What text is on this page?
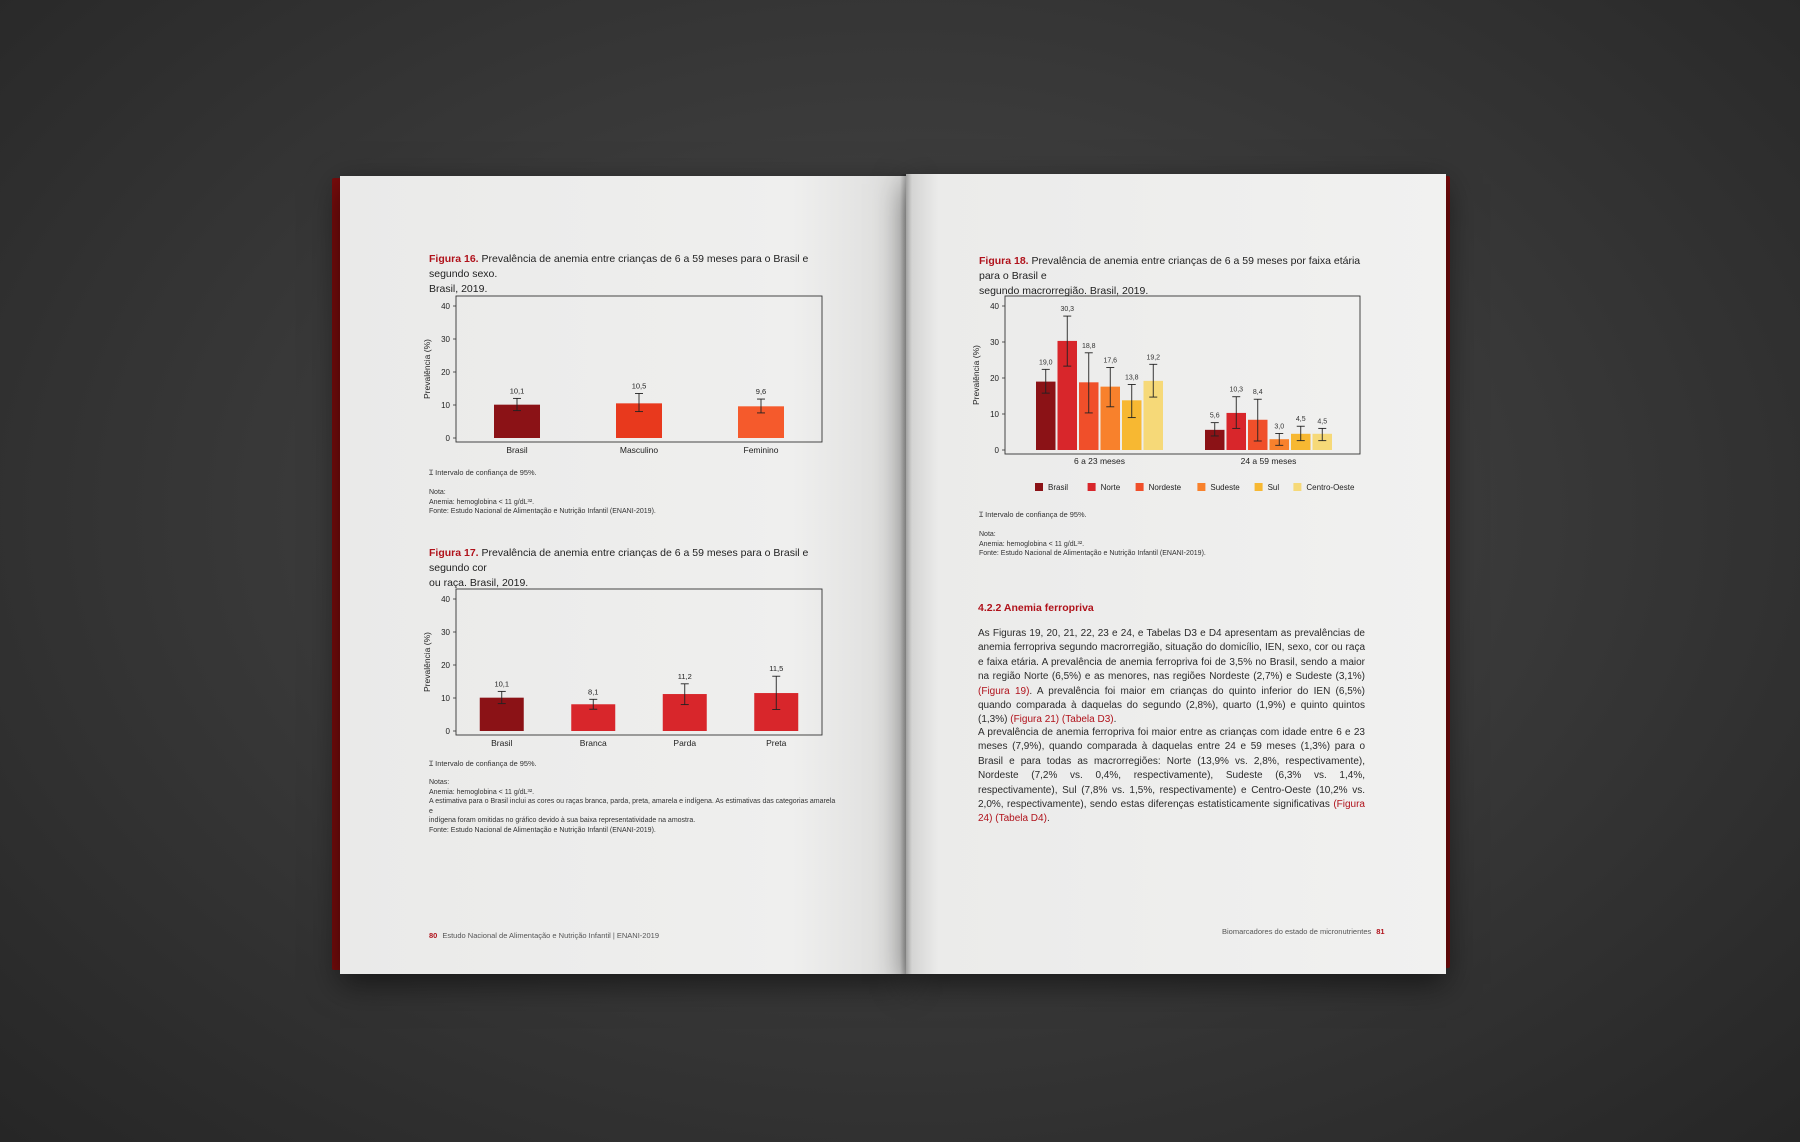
Figura 16. Prevalência de anemia entre crianças de 6 a 59 meses para o Brasil e segundo sexo.
Brasil, 2019.
0
10
20
30
40
Prevalência (%)	10,1
Brasil
10,5
Masculino
9,6
Feminino
Ɪ Intervalo de confiança de 95%.
Nota:
Anemia: hemoglobina < 11 g/dL³².
Fonte: Estudo Nacional de Alimentação e Nutrição Infantil (ENANI-2019).
Figura 17. Prevalência de anemia entre crianças de 6 a 59 meses para o Brasil e segundo cor
ou raça. Brasil, 2019.
0
10
20
30
40
Prevalência (%)	10,1
Brasil
8,1
Branca
11,2
Parda
11,5
Preta
Ɪ Intervalo de confiança de 95%.
Notas:
Anemia: hemoglobina < 11 g/dL³².
A estimativa para o Brasil inclui as cores ou raças branca, parda, preta, amarela e indígena. As estimativas das categorias amarela e
indígena foram omitidas no gráfico devido à sua baixa representatividade na amostra.
Fonte: Estudo Nacional de Alimentação e Nutrição Infantil (ENANI-2019).
80 Estudo Nacional de Alimentação e Nutrição Infantil | ENANI-2019
Figura 18. Prevalência de anemia entre crianças de 6 a 59 meses por faixa etária para o Brasil e
segundo macrorregião. Brasil, 2019.
0
10
20
30
40
Prevalência (%)	19,0
30,3
18,8
17,6
13,8
19,2
6 a 23 meses
5,6
10,3 8,4
3,0
4,5 4,5
24 a 59 meses
Brasil	Norte	Nordeste	Sudeste	Sul	Centro-Oeste
Ɪ Intervalo de confiança de 95%.
Nota:
Anemia: hemoglobina < 11 g/dL³².
Fonte: Estudo Nacional de Alimentação e Nutrição Infantil (ENANI-2019).
4.2.2 Anemia ferropriva
As Figuras 19, 20, 21, 22, 23 e 24, e Tabelas D3 e D4 apresentam as prevalências de anemia ferropriva segundo macrorregião, situação do domicílio, IEN, sexo, cor ou raça e faixa etária. A prevalência de anemia ferropriva foi de 3,5% no Brasil, sendo a maior na região Norte (6,5%) e as menores, nas regiões Nordeste (2,7%) e Sudeste (3,1%) (Figura 19). A prevalência foi maior em crianças do quinto inferior do IEN (6,5%) quando comparada à daquelas do segundo (2,8%), quarto (1,9%) e quinto quintos (1,3%) (Figura 21) (Tabela D3).
A prevalência de anemia ferropriva foi maior entre as crianças com idade entre 6 e 23 meses (7,9%), quando comparada à daquelas entre 24 e 59 meses (1,3%) para o Brasil e para todas as macrorregiões: Norte (13,9% vs. 2,8%, respectivamente), Nordeste (7,2% vs. 0,4%, respectivamente), Sudeste (6,3% vs. 1,4%, respectivamente), Sul (7,8% vs. 1,5%, respectivamente) e Centro-Oeste (10,2% vs. 2,0%, respectivamente), sendo estas diferenças estatisticamente significativas (Figura 24) (Tabela D4).
Biomarcadores do estado de micronutrientes 81
